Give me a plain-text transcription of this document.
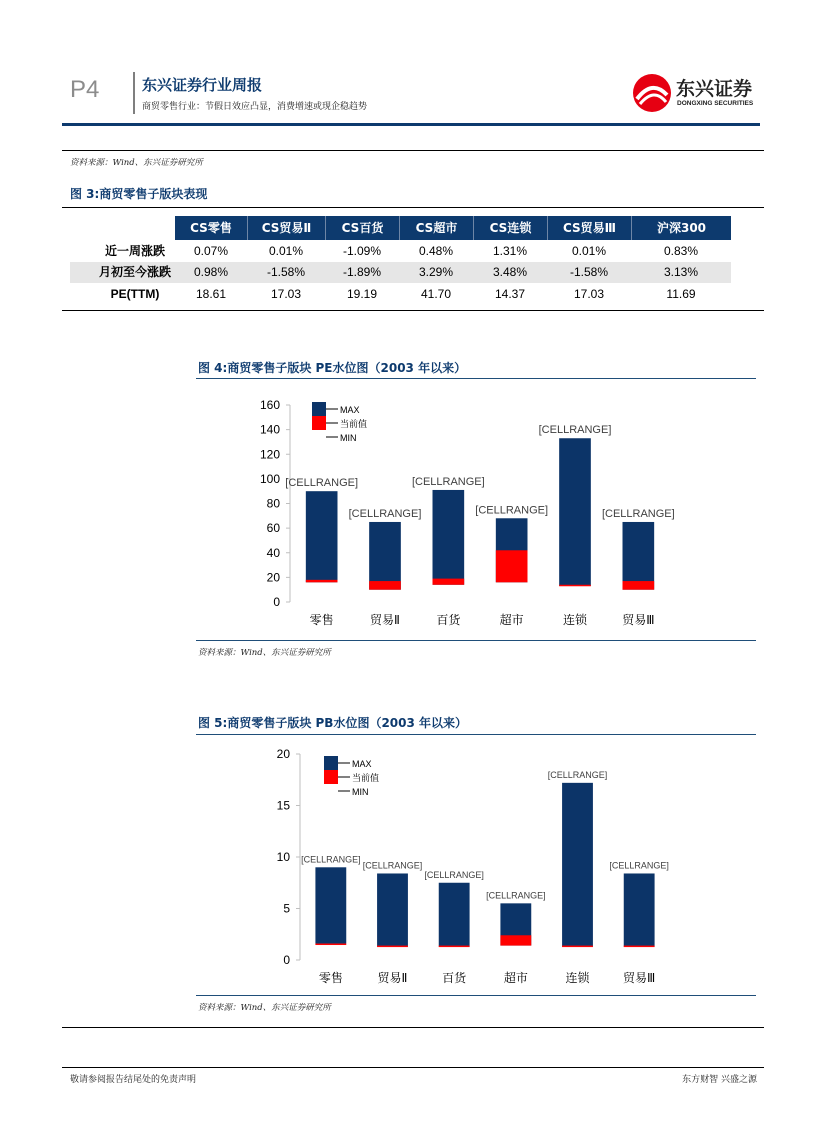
P4	东兴证券行业周报
商贸零售行业：节假日效应凸显，消费增速或现企稳趋势
东兴证券
DONGXING SECURITIES
资料来源：Wind、东兴证券研究所
图 3:商贸零售子版块表现
CS零售	CS贸易Ⅱ	CS百货	CS超市	CS连锁	CS贸易Ⅲ	沪深300
近一周涨跌	0.07%	0.01%	-1.09%	0.48%	1.31%	0.01%	0.83%
月初至今涨跌	0.98%	-1.58%	-1.89%	3.29%	3.48%	-1.58%	3.13%
PE(TTM)	18.61	17.03	19.19	41.70	14.37	17.03	11.69
图 4:商贸零售子版块 PE水位图（2003 年以来）
0
20
40
60
80
100
120
140
160
[CELLRANGE]
零售
[CELLRANGE]
贸易Ⅱ
[CELLRANGE]
百货
[CELLRANGE]
超市
[CELLRANGE]
连锁
[CELLRANGE]
贸易Ⅲ
MAX
当前值
MIN
资料来源：Wind、东兴证券研究所
图 5:商贸零售子版块 PB水位图（2003 年以来）
0
5
10
15
20
[CELLRANGE]
零售
[CELLRANGE]
贸易Ⅱ
[CELLRANGE]
百货
[CELLRANGE]
超市
[CELLRANGE]
连锁
[CELLRANGE]
贸易Ⅲ
MAX
当前值
MIN
资料来源：Wind、东兴证券研究所
敬请参阅报告结尾处的免责声明	东方财智 兴盛之源
